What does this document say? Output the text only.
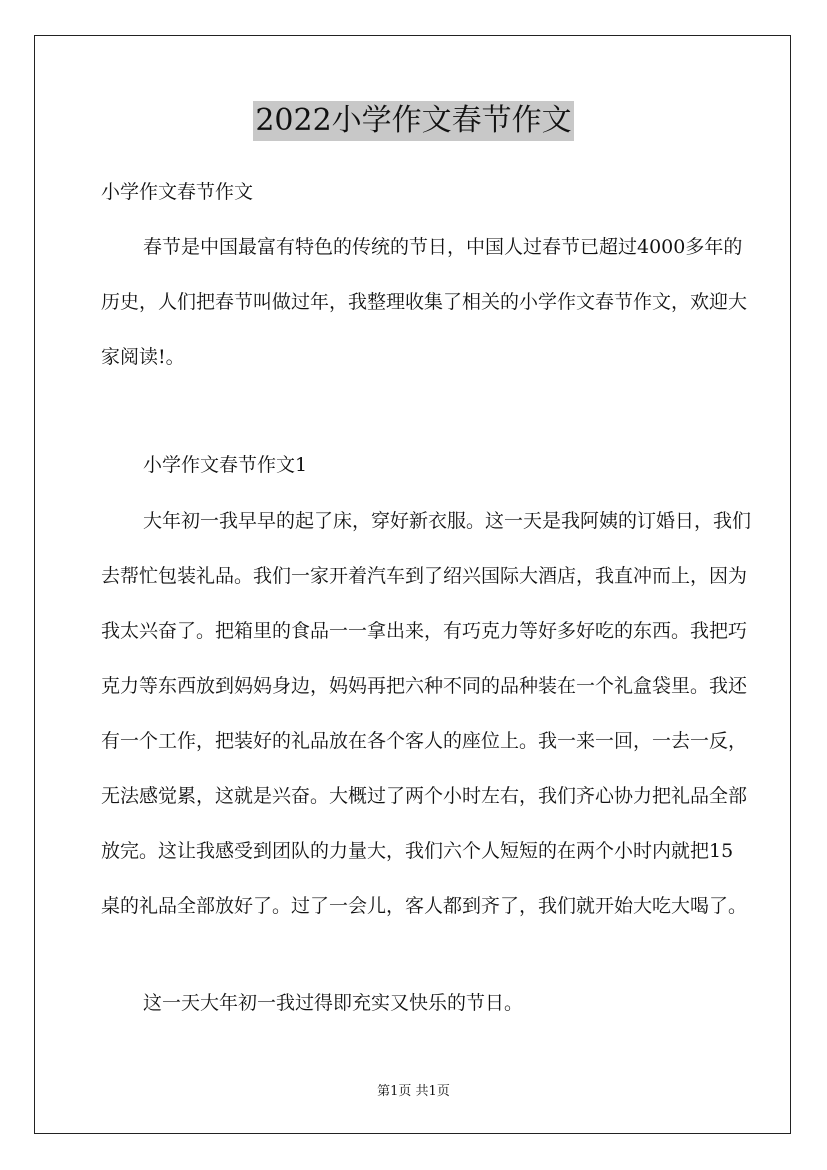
2022小学作文春节作文

小学作文春节作文

春节是中国最富有特色的传统的节日，中国人过春节已超过4000多年的历史，人们把春节叫做过年，我整理收集了相关的小学作文春节作文，欢迎大家阅读!。

小学作文春节作文1

大年初一我早早的起了床，穿好新衣服。这一天是我阿姨的订婚日，我们去帮忙包装礼品。我们一家开着汽车到了绍兴国际大酒店，我直冲而上，因为我太兴奋了。把箱里的食品一一拿出来，有巧克力等好多好吃的东西。我把巧克力等东西放到妈妈身边，妈妈再把六种不同的品种装在一个礼盒袋里。我还有一个工作，把装好的礼品放在各个客人的座位上。我一来一回，一去一反，无法感觉累，这就是兴奋。大概过了两个小时左右，我们齐心协力把礼品全部放完。这让我感受到团队的力量大，我们六个人短短的在两个小时内就把15桌的礼品全部放好了。过了一会儿，客人都到齐了，我们就开始大吃大喝了。

这一天大年初一我过得即充实又快乐的节日。

第1页 共1页
